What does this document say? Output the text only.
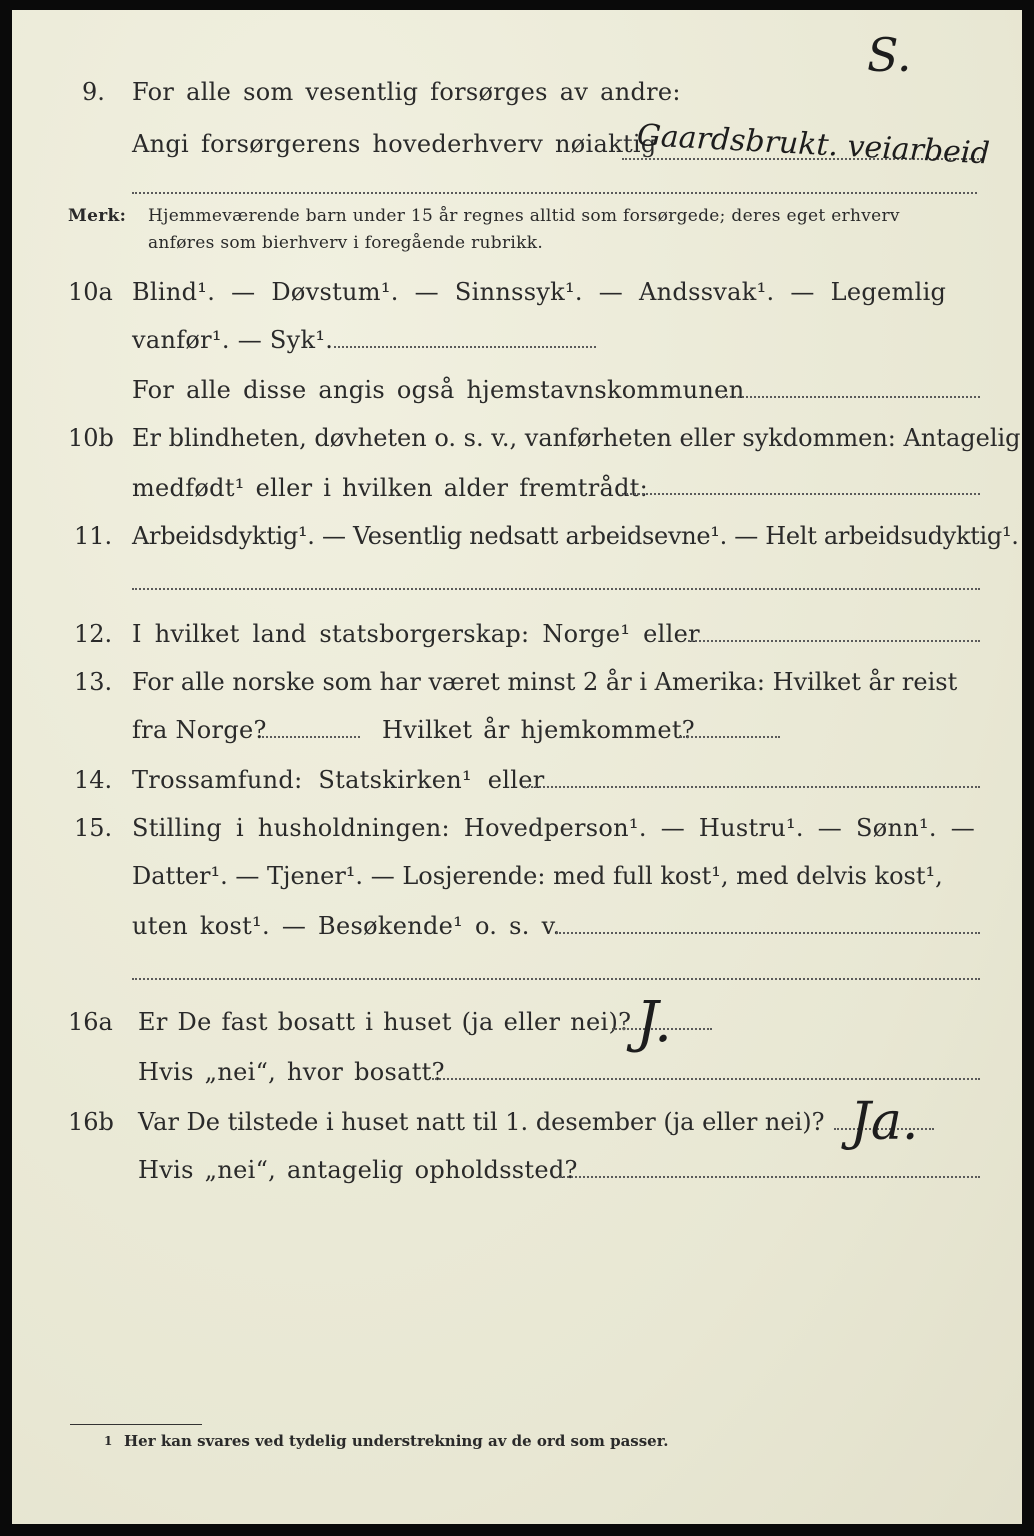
S.
9. For alle som vesentlig forsørges av andre:
Angi forsørgerens hovederhverv nøiaktig
Gaardsbrukt. veiarbeid
Merk: Hjemmeværende barn under 15 år regnes alltid som forsørgede; deres eget erhverv
anføres som bierhverv i foregående rubrikk.
10a Blind¹. — Døvstum¹. — Sinnssyk¹. — Andssvak¹. — Legemlig
vanfør¹. — Syk¹.
For alle disse angis også hjemstavnskommunen
10b Er blindheten, døvheten o. s. v., vanførheten eller sykdommen: Antagelig
medfødt¹ eller i hvilken alder fremtrådt:
11. Arbeidsdyktig¹. — Vesentlig nedsatt arbeidsevne¹. — Helt arbeidsudyktig¹.
12. I hvilket land statsborgerskap: Norge¹ eller
13. For alle norske som har været minst 2 år i Amerika: Hvilket år reist
fra Norge?	Hvilket år hjemkommet?
14. Trossamfund: Statskirken¹ eller
15. Stilling i husholdningen: Hovedperson¹. — Hustru¹. — Sønn¹. —
Datter¹. — Tjener¹. — Losjerende: med full kost¹, med delvis kost¹,
uten kost¹. — Besøkende¹ o. s. v.
16a Er De fast bosatt i huset (ja eller nei)? J.
Hvis „nei“, hvor bosatt?
16b Var De tilstede i huset natt til 1. desember (ja eller nei)? Ja.
Hvis „nei“, antagelig opholdssted?
1 Her kan svares ved tydelig understrekning av de ord som passer.
